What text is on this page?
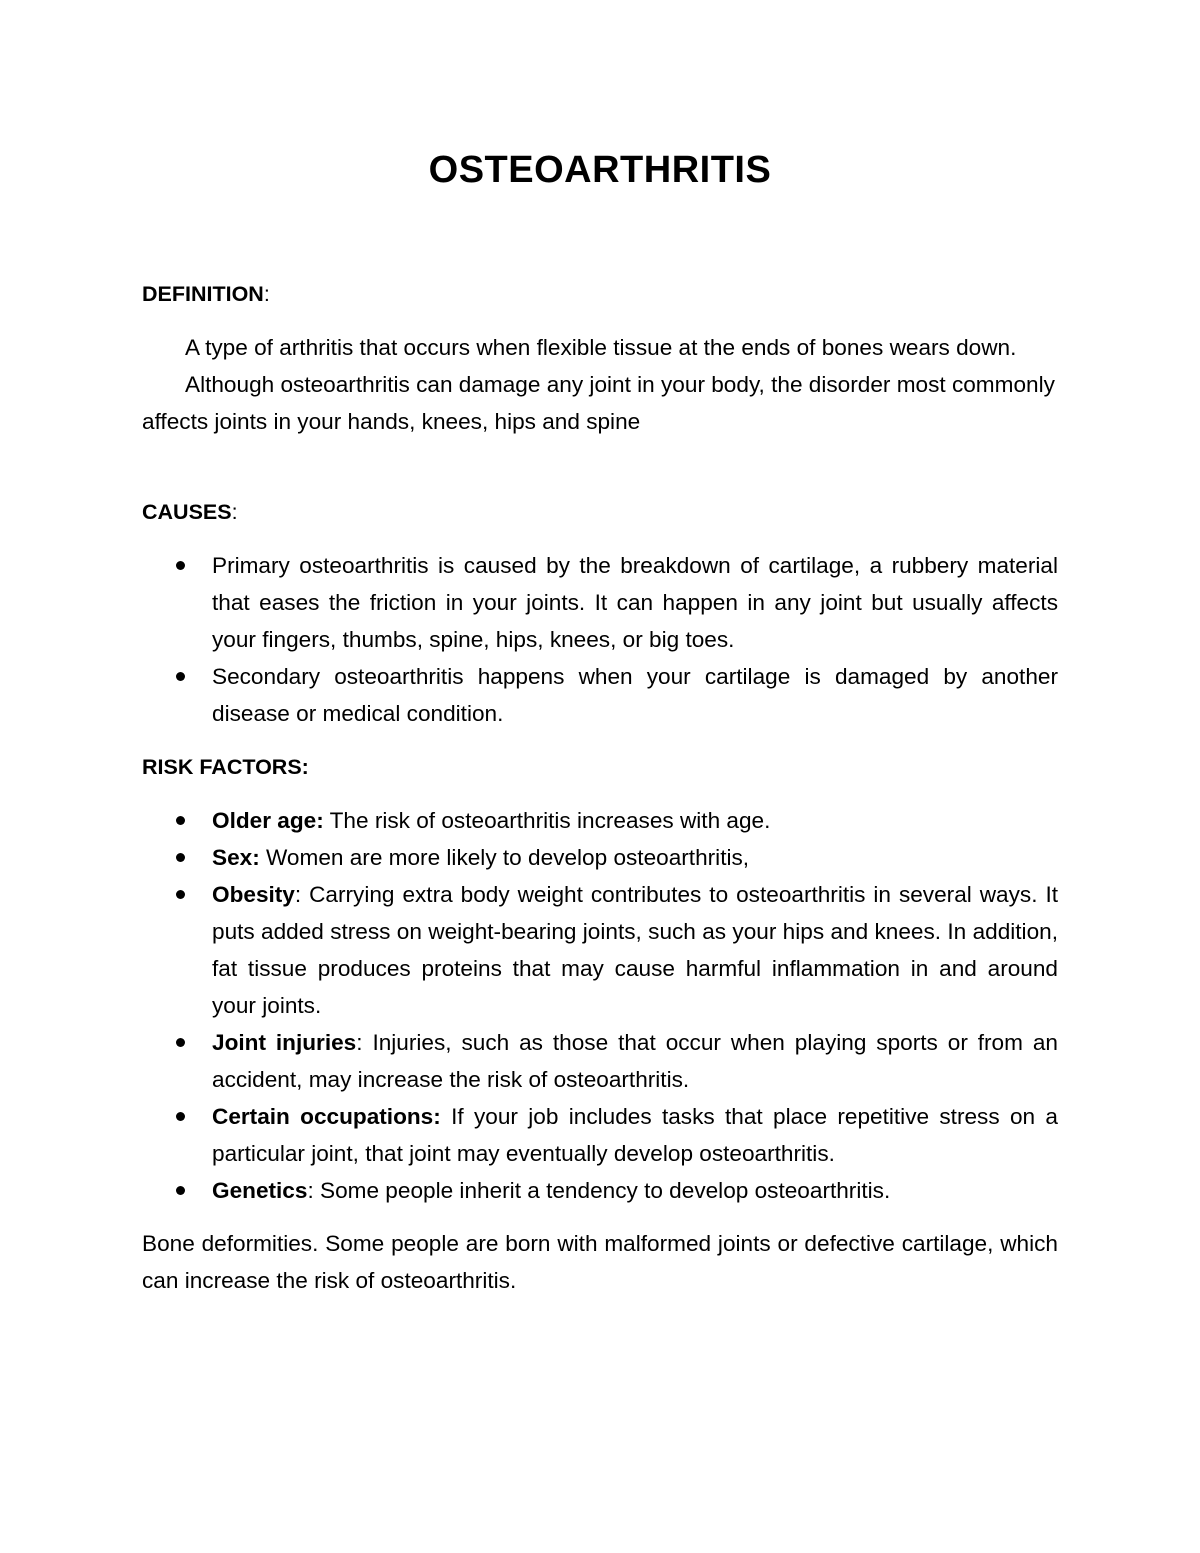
OSTEOARTHRITIS

DEFINITION:

A type of arthritis that occurs when flexible tissue at the ends of bones wears down.

Although osteoarthritis can damage any joint in your body, the disorder most commonly affects joints in your hands, knees, hips and spine

CAUSES:

Primary osteoarthritis is caused by the breakdown of cartilage, a rubbery material that eases the friction in your joints. It can happen in any joint but usually affects your fingers, thumbs, spine, hips, knees, or big toes.
Secondary osteoarthritis happens when your cartilage is damaged by another disease or medical condition.

RISK FACTORS:

Older age: The risk of osteoarthritis increases with age.
Sex: Women are more likely to develop osteoarthritis,
Obesity: Carrying extra body weight contributes to osteoarthritis in several ways. It puts added stress on weight-bearing joints, such as your hips and knees. In addition, fat tissue produces proteins that may cause harmful inflammation in and around your joints.
Joint injuries: Injuries, such as those that occur when playing sports or from an accident, may increase the risk of osteoarthritis.
Certain occupations: If your job includes tasks that place repetitive stress on a particular joint, that joint may eventually develop osteoarthritis.
Genetics: Some people inherit a tendency to develop osteoarthritis.

Bone deformities. Some people are born with malformed joints or defective cartilage, which can increase the risk of osteoarthritis.
